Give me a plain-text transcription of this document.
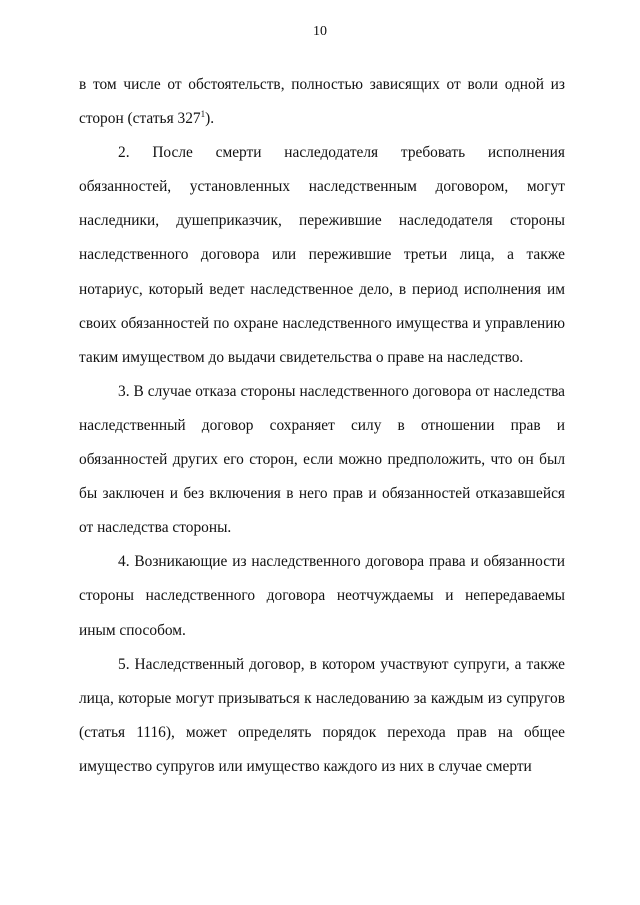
10

в том числе от обстоятельств, полностью зависящих от воли одной из сторон (статья $327^1$).

2. После смерти наследодателя требовать исполнения обязанностей, установленных наследственным договором, могут наследники, душеприказчик, пережившие наследодателя стороны наследственного договора или пережившие третьи лица, а также нотариус, который ведет наследственное дело, в период исполнения им своих обязанностей по охране наследственного имущества и управлению таким имуществом до выдачи свидетельства о праве на наследство.

3. В случае отказа стороны наследственного договора от наследства наследственный договор сохраняет силу в отношении прав и обязанностей других его сторон, если можно предположить, что он был бы заключен и без включения в него прав и обязанностей отказавшейся от наследства стороны.

4. Возникающие из наследственного договора права и обязанности стороны наследственного договора неотчуждаемы и непередаваемы иным способом.

5. Наследственный договор, в котором участвуют супруги, а также лица, которые могут призываться к наследованию за каждым из супругов (статья 1116), может определять порядок перехода прав на общее имущество супругов или имущество каждого из них в случае смерти
